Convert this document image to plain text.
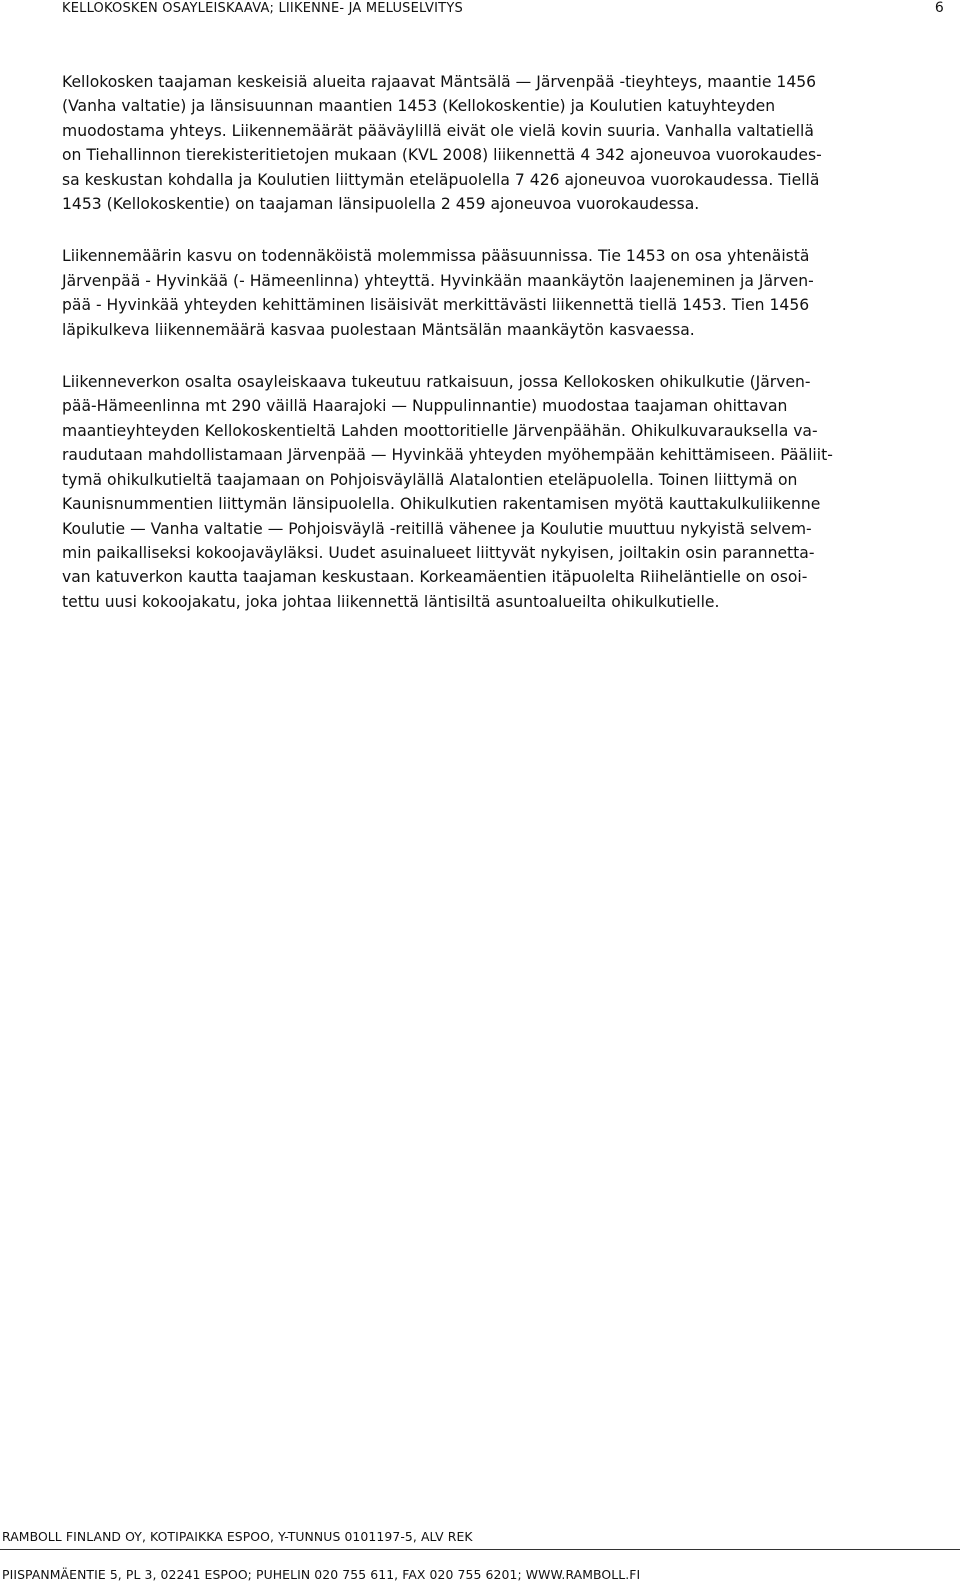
KELLOKOSKEN OSAYLEISKAAVA; LIIKENNE- JA MELUSELVITYS	6

Kellokosken taajaman keskeisiä alueita rajaavat Mäntsälä — Järvenpää -tieyhteys, maantie 1456
(Vanha valtatie) ja länsisuunnan maantien 1453 (Kellokoskentie) ja Koulutien katuyhteyden
muodostama yhteys. Liikennemäärät pääväylillä eivät ole vielä kovin suuria. Vanhalla valtatiellä
on Tiehallinnon tierekisteritietojen mukaan (KVL 2008) liikennettä 4 342 ajoneuvoa vuorokaudes-
sa keskustan kohdalla ja Koulutien liittymän eteläpuolella 7 426 ajoneuvoa vuorokaudessa. Tiellä
1453 (Kellokoskentie) on taajaman länsipuolella 2 459 ajoneuvoa vuorokaudessa.

Liikennemäärin kasvu on todennäköistä molemmissa pääsuunnissa. Tie 1453 on osa yhtenäistä
Järvenpää - Hyvinkää (- Hämeenlinna) yhteyttä. Hyvinkään maankäytön laajeneminen ja Järven-
pää - Hyvinkää yhteyden kehittäminen lisäisivät merkittävästi liikennettä tiellä 1453. Tien 1456
läpikulkeva liikennemäärä kasvaa puolestaan Mäntsälän maankäytön kasvaessa.

Liikenneverkon osalta osayleiskaava tukeutuu ratkaisuun, jossa Kellokosken ohikulkutie (Järven-
pää-Hämeenlinna mt 290 väillä Haarajoki — Nuppulinnantie) muodostaa taajaman ohittavan
maantieyhteyden Kellokoskentieltä Lahden moottoritielle Järvenpäähän. Ohikulkuvarauksella va-
raudutaan mahdollistamaan Järvenpää — Hyvinkää yhteyden myöhempään kehittämiseen. Pääliit-
tymä ohikulkutieltä taajamaan on Pohjoisväylällä Alatalontien eteläpuolella. Toinen liittymä on
Kaunisnummentien liittymän länsipuolella. Ohikulkutien rakentamisen myötä kauttakulkuliikenne
Koulutie — Vanha valtatie — Pohjoisväylä -reitillä vähenee ja Koulutie muuttuu nykyistä selvem-
min paikalliseksi kokoojaväyläksi. Uudet asuinalueet liittyvät nykyisen, joiltakin osin parannetta-
van katuverkon kautta taajaman keskustaan. Korkeamäentien itäpuolelta Riiheläntielle on osoi-
tettu uusi kokoojakatu, joka johtaa liikennettä läntisiltä asuntoalueilta ohikulkutielle.

RAMBOLL FINLAND OY, KOTIPAIKKA ESPOO, Y-TUNNUS 0101197-5, ALV REK
PIISPANMÄENTIE 5, PL 3, 02241 ESPOO; PUHELIN 020 755 611, FAX 020 755 6201; WWW.RAMBOLL.FI
